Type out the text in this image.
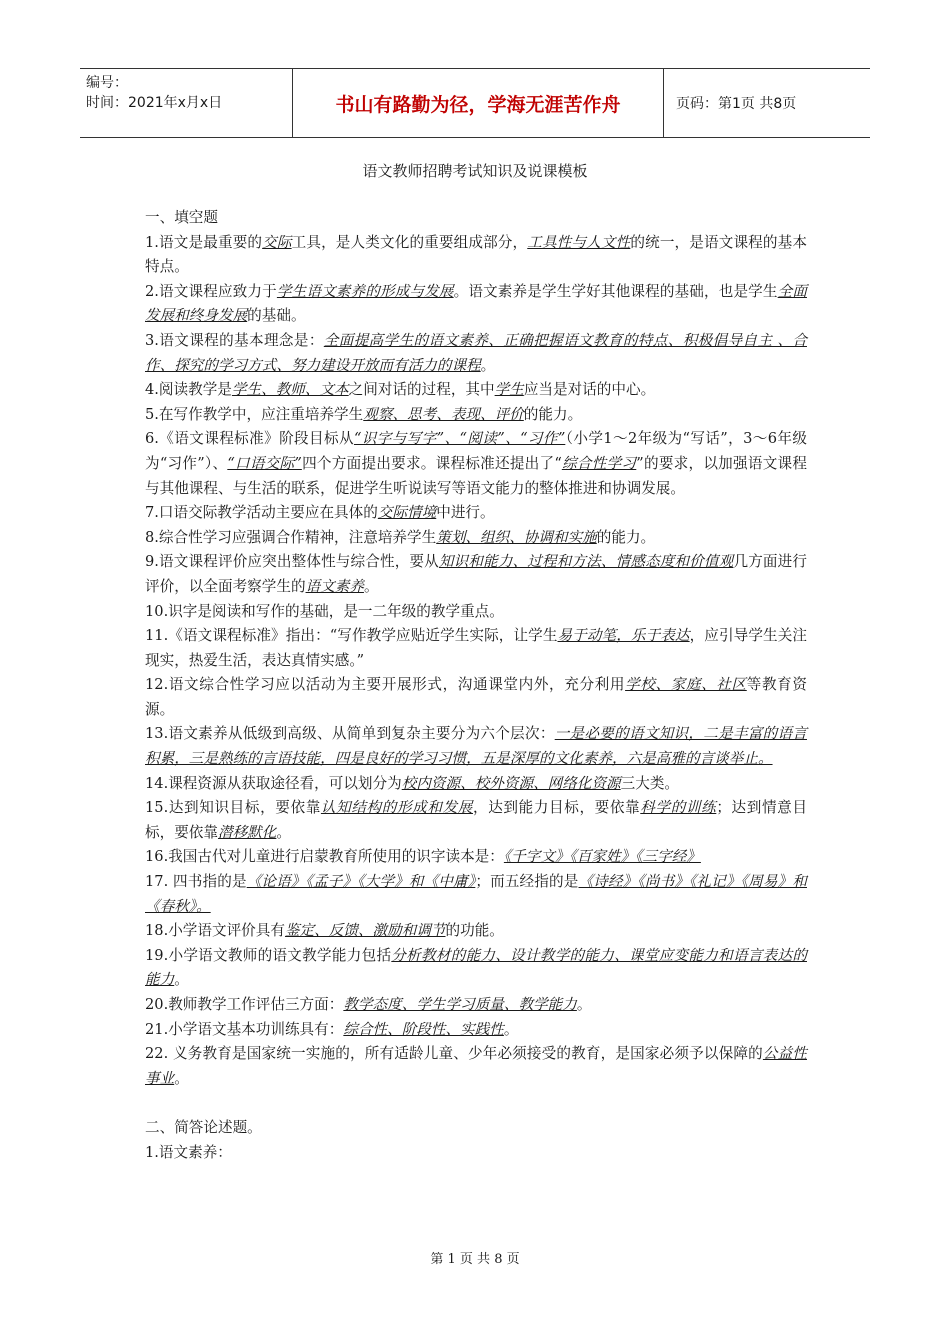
编号：
时间：2021年x月x日	书山有路勤为径，学海无涯苦作舟	页码：第1页 共8页
语文教师招聘考试知识及说课模板

一、填空题

1.语文是最重要的交际工具，是人类文化的重要组成部分，工具性与人文性的统一，是语文课程的基本特点。

2.语文课程应致力于学生语文素养的形成与发展。语文素养是学生学好其他课程的基础，也是学生全面发展和终身发展的基础。

3.语文课程的基本理念是：全面提高学生的语文素养、正确把握语文教育的特点、积极倡导自主 、合作、探究的学习方式、努力建设开放而有活力的课程。

4.阅读教学是学生、教师、文本之间对话的过程，其中学生应当是对话的中心。

5.在写作教学中，应注重培养学生观察、思考、表现、评价的能力。

6.《语文课程标准》阶段目标从“识字与写字”、“阅读”、“习作”（小学1～2年级为“写话”，3～6年级为“习作”）、“口语交际”四个方面提出要求。课程标准还提出了“综合性学习”的要求，以加强语文课程与其他课程、与生活的联系，促进学生听说读写等语文能力的整体推进和协调发展。

7.口语交际教学活动主要应在具体的交际情境中进行。

8.综合性学习应强调合作精神，注意培养学生策划、组织、协调和实施的能力。

9.语文课程评价应突出整体性与综合性，要从知识和能力、过程和方法、情感态度和价值观几方面进行评价，以全面考察学生的语文素养。

10.识字是阅读和写作的基础，是一二年级的教学重点。

11.《语文课程标准》指出：“写作教学应贴近学生实际，让学生易于动笔，乐于表达，应引导学生关注现实，热爱生活，表达真情实感。”

12.语文综合性学习应以活动为主要开展形式，沟通课堂内外，充分利用学校、家庭、社区等教育资源。

13.语文素养从低级到高级、从简单到复杂主要分为六个层次：一是必要的语文知识，二是丰富的语言积累，三是熟练的言语技能，四是良好的学习习惯，五是深厚的文化素养，六是高雅的言谈举止。

14.课程资源从获取途径看，可以划分为校内资源、校外资源、网络化资源三大类。

15.达到知识目标，要依靠认知结构的形成和发展，达到能力目标，要依靠科学的训练；达到情意目标，要依靠潜移默化。

16.我国古代对儿童进行启蒙教育所使用的识字读本是：《千字文》《百家姓》《三字经》

17. 四书指的是《论语》《孟子》《大学》和《中庸》；而五经指的是《诗经》《尚书》《礼记》《周易》和《春秋》。

18.小学语文评价具有鉴定、反馈、激励和调节的功能。

19.小学语文教师的语文教学能力包括分析教材的能力、设计教学的能力、课堂应变能力和语言表达的能力。

20.教师教学工作评估三方面：教学态度、学生学习质量、教学能力。

21.小学语文基本功训练具有：综合性、阶段性、实践性。

22. 义务教育是国家统一实施的，所有适龄儿童、少年必须接受的教育，是国家必须予以保障的公益性事业。

二、简答论述题。

1.语文素养：

第 1 页 共 8 页
